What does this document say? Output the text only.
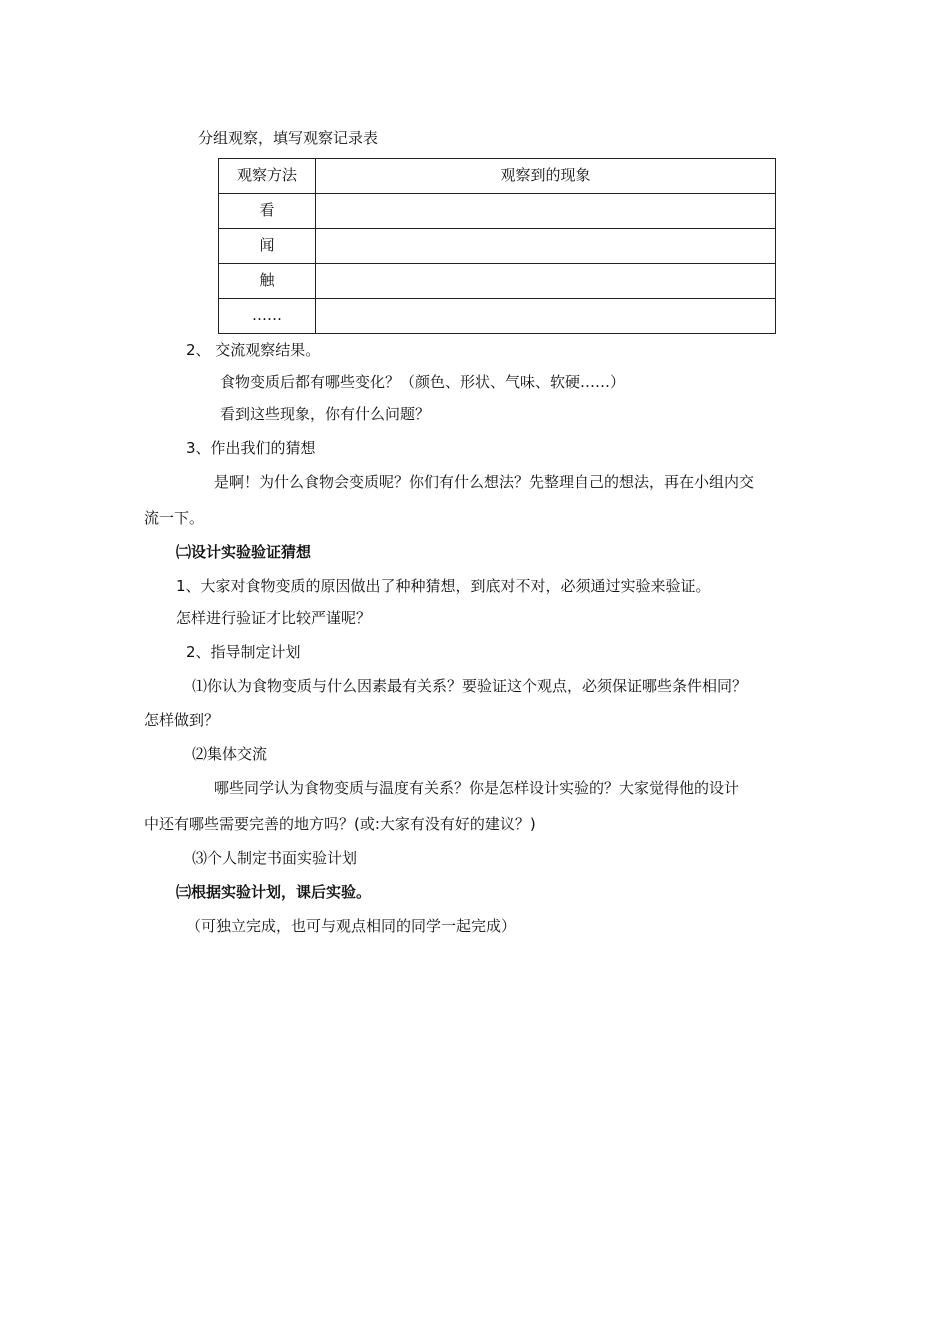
分组观察，填写观察记录表

观察方法	观察到的现象

看	

闻	

触	

……	

2、 交流观察结果。

食物变质后都有哪些变化？（颜色、形状、气味、软硬……）

看到这些现象，你有什么问题？

3、作出我们的猜想

是啊！为什么食物会变质呢？你们有什么想法？先整理自己的想法，再在小组内交

流一下。

㈡设计实验验证猜想

1、大家对食物变质的原因做出了种种猜想，到底对不对，必须通过实验来验证。

怎样进行验证才比较严谨呢？

2、指导制定计划

⑴你认为食物变质与什么因素最有关系？要验证这个观点，必须保证哪些条件相同？

怎样做到？

⑵集体交流

哪些同学认为食物变质与温度有关系？你是怎样设计实验的？大家觉得他的设计

中还有哪些需要完善的地方吗？(或:大家有没有好的建议？)

⑶个人制定书面实验计划

㈢根据实验计划，课后实验。

（可独立完成，也可与观点相同的同学一起完成）
